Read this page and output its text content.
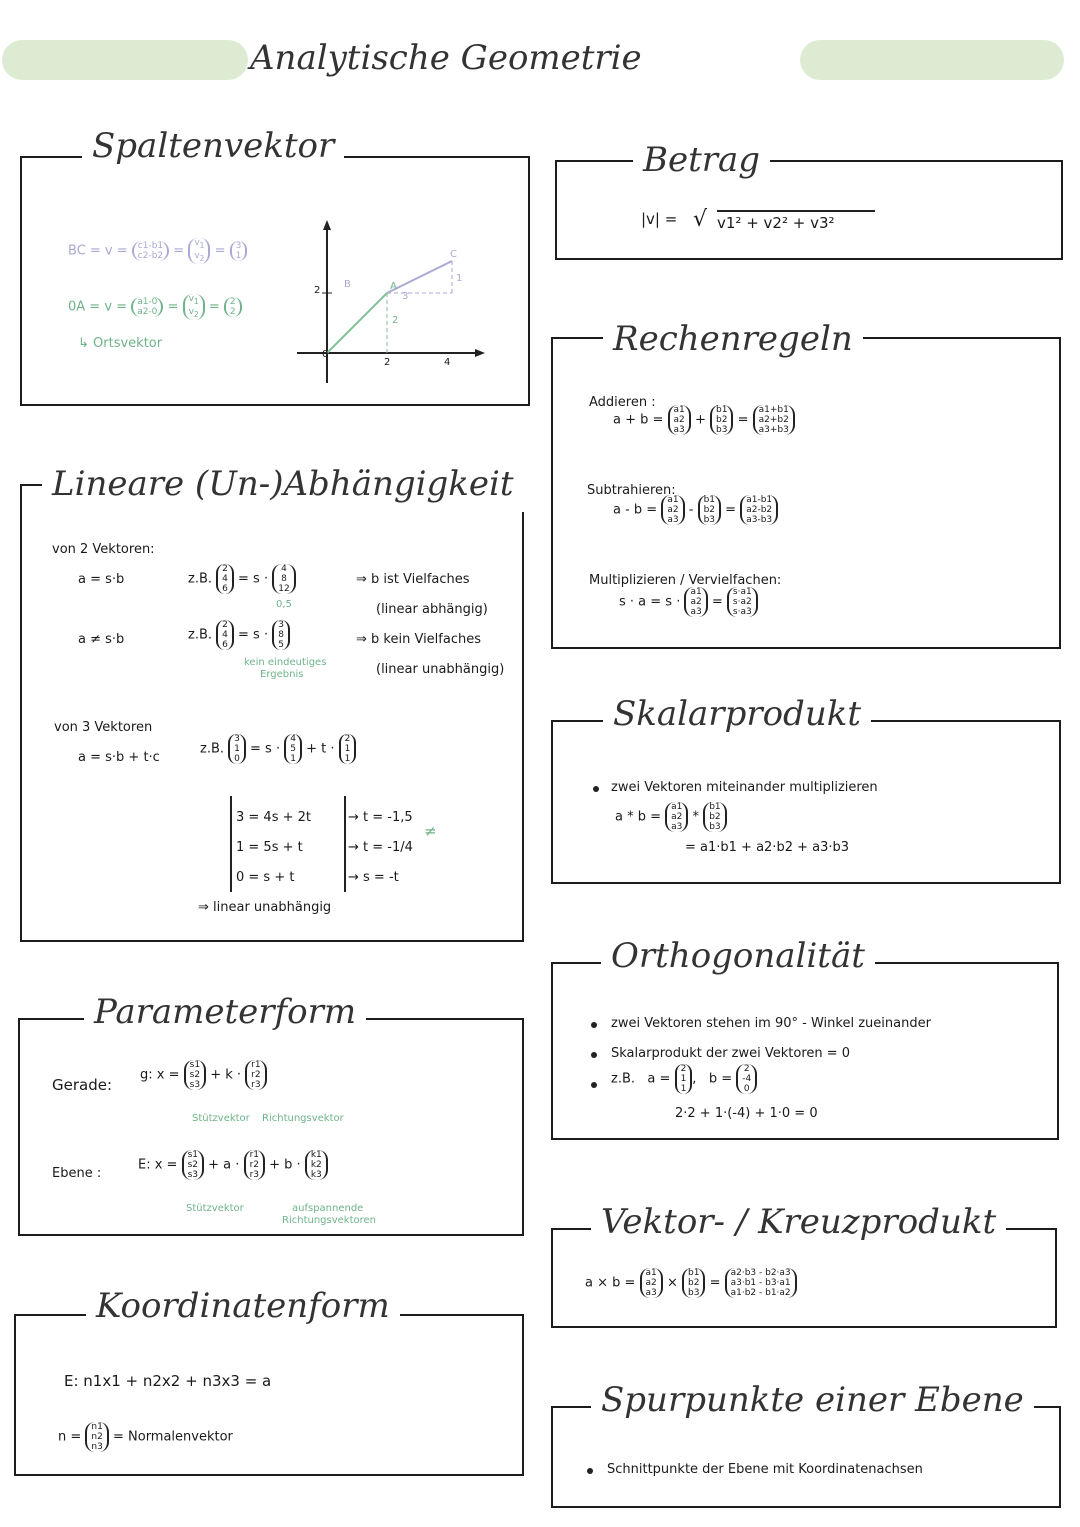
Analytische Geometrie
Spaltenvektor
BC = v = c1-b1
$c2-b2 = v_1$
$v_2 = 3$
1
0A = v = a1-0
$a2-0 = v_1$
$v_2 = 2$
2
↳ Ortsvektor
2
0
2	4
B	A
C
2
3
1
Lineare (Un-)Abhängigkeit
von 2 Vektoren:
a = s·b	z.B. 2
4
6 = s · 4
8
12
0,5
⇒ b ist Vielfaches
(linear abhängig)
a ≠ s·b	z.B. 2
4
6 = s · 3
8
5
kein eindeutiges
Ergebnis
⇒ b kein Vielfaches
(linear unabhängig)
von 3 Vektoren
a = s·b + t·c
z.B. 3
1
0 = s · 4
5
1 + t · 2
1
1
3 = 4s + 2t
1 = 5s + t
0 = s + t
→ t = -1,5
→ t = -1/4
→ s = -t
≠
⇒ linear unabhängig
Parameterform
Gerade:
g: x = s1
s2
s3 + k · r1
r2
r3
Stützvektor Richtungsvektor
Ebene :
E: x = s1
s2
s3 + a · r1
r2
r3 + b · k1
k2
k3
Stützvektor	aufspannende
Richtungsvektoren
Koordinatenform
E: n1x1 + n2x2 + n3x3 = a
n = n1
n2
n3 = Normalenvektor
Betrag
|v| = √ v1² + v2² + v3²
Rechenregeln
Addieren :
a + b = a1
a2
a3 + b1
b2
b3 = a1+b1
a2+b2
a3+b3
Subtrahieren:
a - b = a1
a2
a3 - b1
b2
b3 = a1-b1
a2-b2
a3-b3
Multiplizieren / Vervielfachen:
s · a = s · a1
a2
a3 = s·a1
s·a2
s·a3
Skalarprodukt
zwei Vektoren miteinander multiplizieren
a * b = a1
a2
a3 * b1
b2
b3
= a1·b1 + a2·b2 + a3·b3
Orthogonalität
zwei Vektoren stehen im 90° - Winkel zueinander
Skalarprodukt der zwei Vektoren = 0
z.B. a = 2
1
1,   b = 2
-4
0
2·2 + 1·(-4) + 1·0 = 0
Vektor- / Kreuzprodukt
a × b = a1
a2
a3 × b1
b2
b3 = a2·b3 - b2·a3
a3·b1 - b3·a1
a1·b2 - b1·a2
Spurpunkte einer Ebene
Schnittpunkte der Ebene mit Koordinatenachsen
